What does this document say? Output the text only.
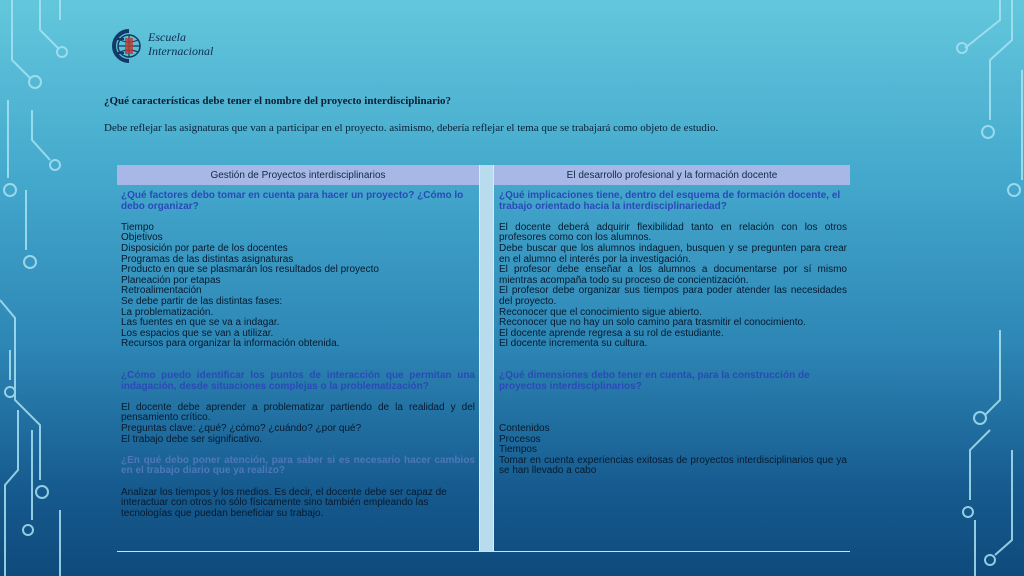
Escuela
Internacional
¿Qué características debe tener el nombre del proyecto interdisciplinario?
Debe reflejar las asignaturas que van a participar en el proyecto. asimismo, debería reflejar el tema que se trabajará como objeto de estudio.
Gestión de Proyectos interdisciplinarios	El desarrollo profesional y la formación docente

¿Qué factores debo tomar en cuenta para hacer un proyecto? ¿Cómo lo debo organizar?

Tiempo

Objetivos

Disposición por parte de los docentes

Programas de las distintas asignaturas

Producto en que se plasmarán los resultados del proyecto

Planeación por etapas

Retroalimentación

Se debe partir de las distintas fases:

La problematización.

Las fuentes en que se va a indagar.

Los espacios que se van a utilizar.

Recursos para organizar la información obtenida.

¿Cómo puedo identificar los puntos de interacción que permitan una indagación, desde situaciones complejas o la problematización?

El docente debe aprender a problematizar partiendo de la realidad y del pensamiento crítico.

Preguntas clave: ¿qué? ¿cómo? ¿cuándo? ¿por qué?

El trabajo debe ser significativo.

¿En qué debo poner atención, para saber si es necesario hacer cambios en el trabajo diario que ya realizo?

Analizar los tiempos y los medios. Es decir, el docente debe ser capaz de interactuar con otros no sólo físicamente sino también empleando las tecnologías que puedan beneficiar su trabajo.

¿Qué implicaciones tiene, dentro del esquema de formación docente, el trabajo orientado hacia la interdisciplinariedad?

El docente deberá adquirir flexibilidad tanto en relación con los otros profesores como con los alumnos.

Debe buscar que los alumnos indaguen, busquen y se pregunten para crear en el alumno el interés por la investigación.

El profesor debe enseñar a los alumnos a documentarse por sí mismo mientras acompaña todo su proceso de concientización.

El profesor debe organizar sus tiempos para poder atender las necesidades del proyecto.

Reconocer que el conocimiento sigue abierto.

Reconocer que no hay un solo camino para trasmitir el conocimiento.

El docente aprende regresa a su rol de estudiante.

El docente incrementa su cultura.

¿Qué dimensiones debo tener en cuenta, para la construcción de proyectos interdisciplinarios?

Contenidos

Procesos

Tiempos

Tomar en cuenta experiencias exitosas de proyectos interdisciplinarios que ya se han llevado a cabo
